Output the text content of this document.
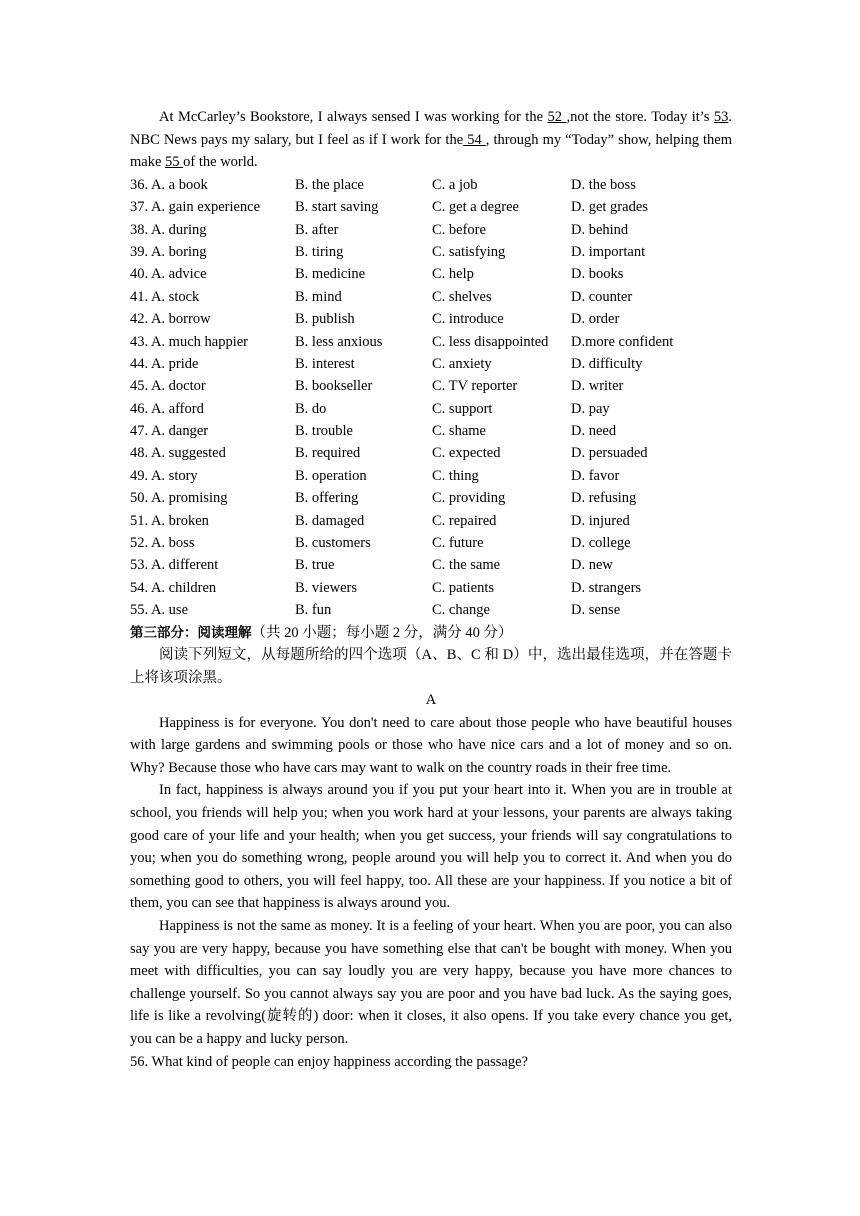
At McCarley’s Bookstore, I always sensed I was working for the 52 ,not the store. Today it’s 53. NBC News pays my salary, but I feel as if I work for the 54 , through my “Today” show, helping them make 55 of the world.
36. A. a book	B. the place	C. a job	D. the boss
37. A. gain experience B. start saving	C. get a degree	D. get grades
38. A. during	B. after	C. before	D. behind
39. A. boring	B. tiring	C. satisfying	D. important
40. A. advice	B. medicine	C. help	D. books
41. A. stock	B. mind	C. shelves	D. counter
42. A. borrow	B. publish	C. introduce	D. order
43. A. much happier	B. less anxious	C. less disappointed D.more confident
44. A. pride	B. interest	C. anxiety	D. difficulty
45. A. doctor	B. bookseller	C. TV reporter	D. writer
46. A. afford	B. do	C. support	D. pay
47. A. danger	B. trouble	C. shame	D. need
48. A. suggested	B. required	C. expected	D. persuaded
49. A. story	B. operation	C. thing	D. favor
50. A. promising	B. offering	C. providing	D. refusing
51. A. broken	B. damaged	C. repaired	D. injured
52. A. boss	B. customers	C. future	D. college
53. A. different	B. true	C. the same	D. new
54. A. children	B. viewers	C. patients	D. strangers
55. A. use	B. fun	C. change	D. sense
第三部分：阅读理解（共 20 小题；每小题 2 分，满分 40 分）
阅读下列短文，从每题所给的四个选项（A、B、C 和 D）中，选出最佳选项，并在答题卡上将该项涂黑。
A
Happiness is for everyone. You don't need to care about those people who have beautiful houses with large gardens and swimming pools or those who have nice cars and a lot of money and so on. Why? Because those who have cars may want to walk on the country roads in their free time.
In fact, happiness is always around you if you put your heart into it. When you are in trouble at school, you friends will help you; when you work hard at your lessons, your parents are always taking good care of your life and your health; when you get success, your friends will say congratulations to you; when you do something wrong, people around you will help you to correct it. And when you do something good to others, you will feel happy, too. All these are your happiness. If you notice a bit of them, you can see that happiness is always around you.
Happiness is not the same as money. It is a feeling of your heart. When you are poor, you can also say you are very happy, because you have something else that can't be bought with money. When you meet with difficulties, you can say loudly you are very happy, because you have more chances to challenge yourself. So you cannot always say you are poor and you have bad luck. As the saying goes, life is like a revolving(旋转的) door: when it closes, it also opens. If you take every chance you get, you can be a happy and lucky person.
56. What kind of people can enjoy happiness according the passage?
